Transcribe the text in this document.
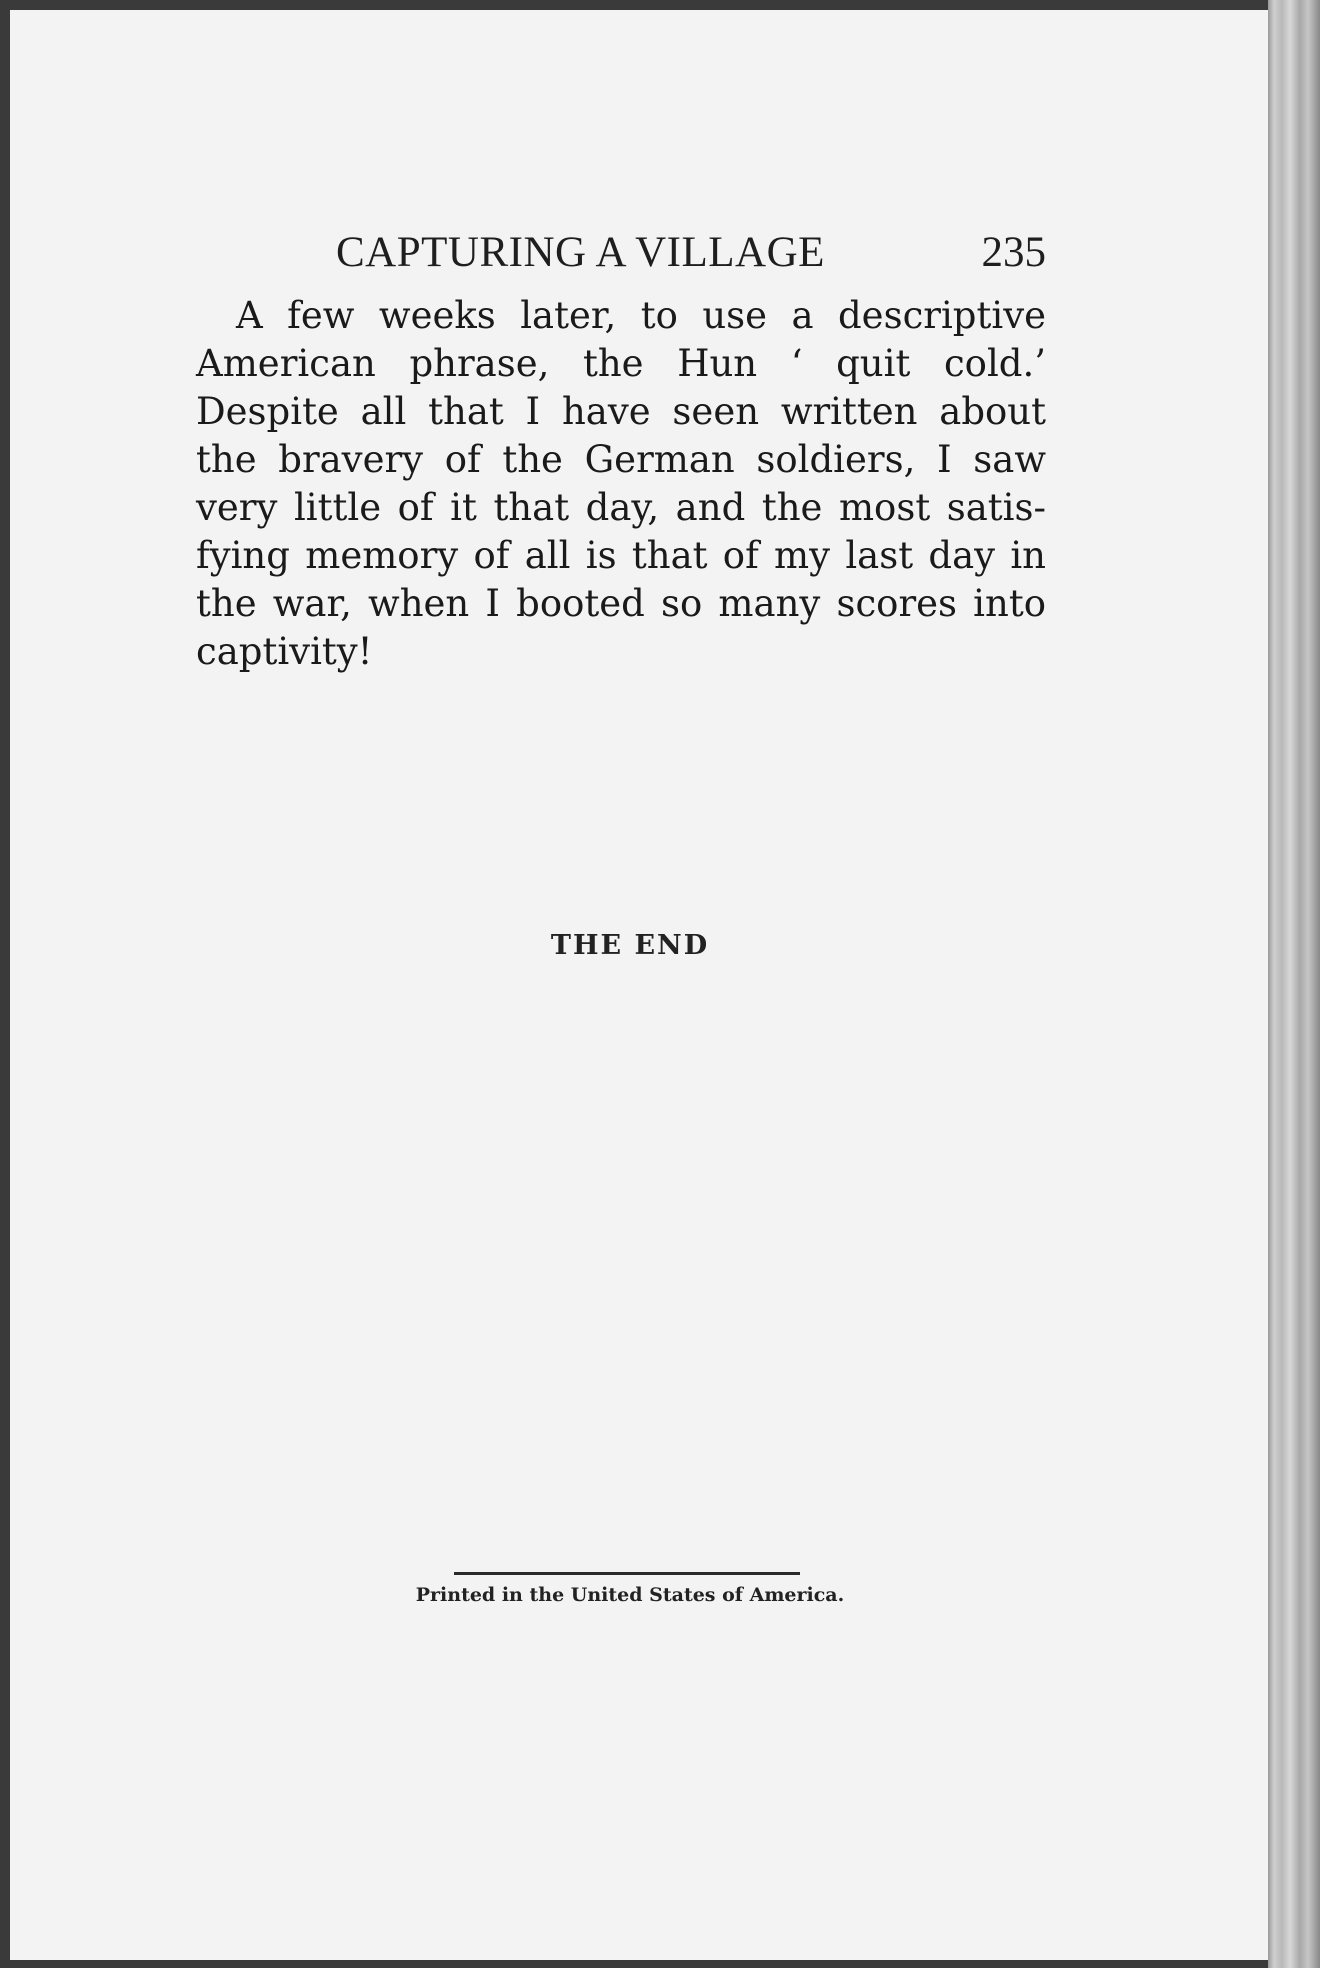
CAPTURING A VILLAGE	235
A few weeks later, to use a descriptive
American phrase, the Hun ‘ quit cold.’
Despite all that I have seen written about
the bravery of the German soldiers, I saw
very little of it that day, and the most satis-
fying memory of all is that of my last day in
the war, when I booted so many scores into
captivity!
THE END
Printed in the United States of America.
